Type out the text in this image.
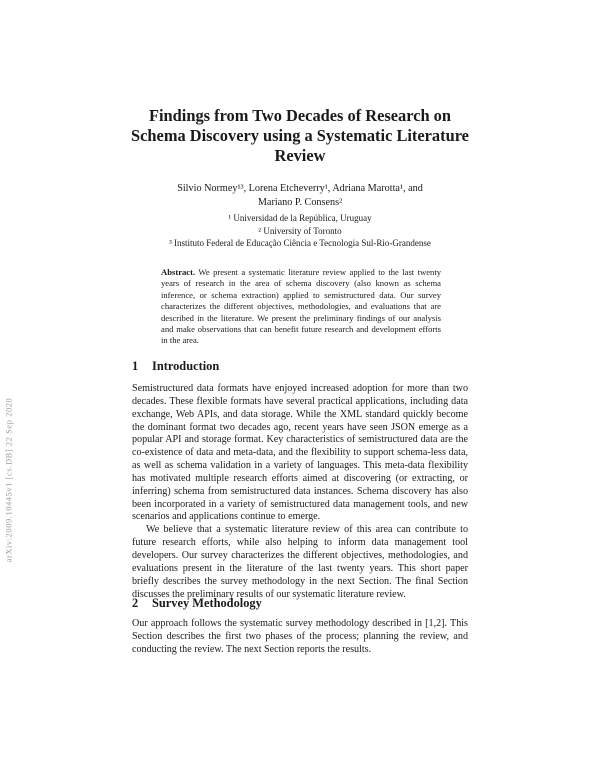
arXiv:2009.10445v1 [cs.DB] 22 Sep 2020
Findings from Two Decades of Research on
Schema Discovery using a Systematic Literature
Review
Silvio Normey¹³, Lorena Etcheverry¹, Adriana Marotta¹, and
Mariano P. Consens²
¹ Universidad de la República, Uruguay
² University of Toronto
³ Instituto Federal de Educação Ciência e Tecnologia Sul-Rio-Grandense
Abstract. We present a systematic literature review applied to the last twenty years of research in the area of schema discovery (also known as schema inference, or schema extraction) applied to semistructured data. Our survey characterizes the different objectives, methodologies, and evaluations that are described in the literature. We present the preliminary findings of our analysis and make observations that can benefit future research and development efforts in the area.
1 Introduction

Semistructured data formats have enjoyed increased adoption for more than two decades. These flexible formats have several practical applications, including data exchange, Web APIs, and data storage. While the XML standard quickly become the dominant format two decades ago, recent years have seen JSON emerge as a popular API and storage format. Key characteristics of semistructured data are the co-existence of data and meta-data, and the flexibility to support schema-less data, as well as schema validation in a variety of languages. This meta-data flexibility has motivated multiple research efforts aimed at discovering (or extracting, or inferring) schema from semistructured data instances. Schema discovery has also been incorporated in a variety of semistructured data management tools, and new scenarios and applications continue to emerge.

We believe that a systematic literature review of this area can contribute to future research efforts, while also helping to inform data management tool developers. Our survey characterizes the different objectives, methodologies, and evaluations present in the literature of the last twenty years. This short paper briefly describes the survey methodology in the next Section. The final Section discusses the preliminary results of our systematic literature review.

2 Survey Methodology

Our approach follows the systematic survey methodology described in [1,2]. This Section describes the first two phases of the process; planning the review, and conducting the review. The next Section reports the results.
